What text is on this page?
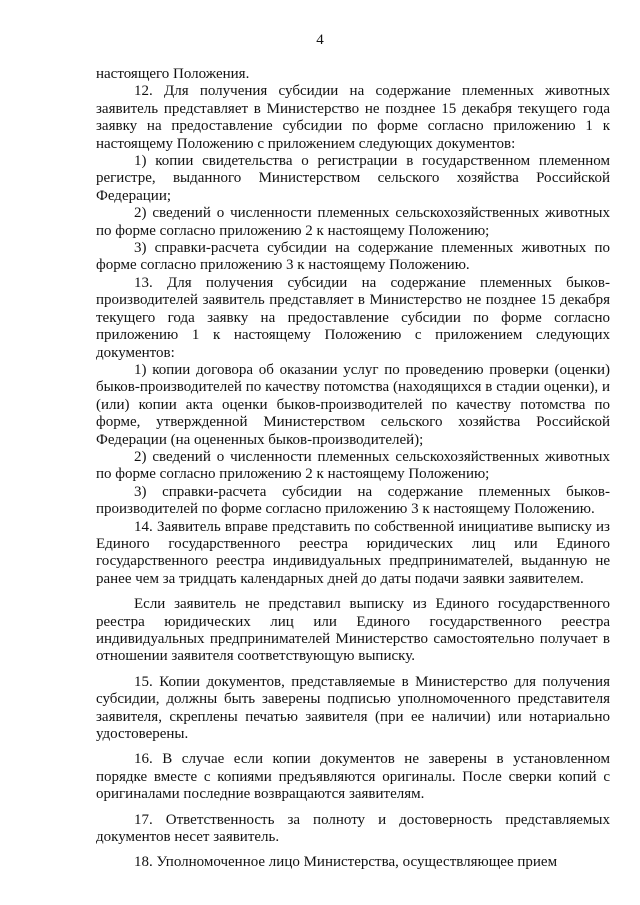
4

настоящего Положения.

12. Для получения субсидии на содержание племенных животных заявитель представляет в Министерство не позднее 15 декабря текущего года заявку на предоставление субсидии по форме согласно приложению 1 к настоящему Положению с приложением следующих документов:

1) копии свидетельства о регистрации в государственном племенном регистре, выданного Министерством сельского хозяйства Российской Федерации;

2) сведений о численности племенных сельскохозяйственных животных по форме согласно приложению 2 к настоящему Положению;

3) справки-расчета субсидии на содержание племенных животных по форме согласно приложению 3 к настоящему Положению.

13. Для получения субсидии на содержание племенных быков-производителей заявитель представляет в Министерство не позднее 15 декабря текущего года заявку на предоставление субсидии по форме согласно приложению 1 к настоящему Положению с приложением следующих документов:

1) копии договора об оказании услуг по проведению проверки (оценки) быков-производителей по качеству потомства (находящихся в стадии оценки), и (или) копии акта оценки быков-производителей по качеству потомства по форме, утвержденной Министерством сельского хозяйства Российской Федерации (на оцененных быков-производителей);

2) сведений о численности племенных сельскохозяйственных животных по форме согласно приложению 2 к настоящему Положению;

3) справки-расчета субсидии на содержание племенных быков-производителей по форме согласно приложению 3 к настоящему Положению.

14. Заявитель вправе представить по собственной инициативе выписку из Единого государственного реестра юридических лиц или Единого государственного реестра индивидуальных предпринимателей, выданную не ранее чем за тридцать календарных дней до даты подачи заявки заявителем.

Если заявитель не представил выписку из Единого государственного реестра юридических лиц или Единого государственного реестра индивидуальных предпринимателей Министерство самостоятельно получает в отношении заявителя соответствующую выписку.

15. Копии документов, представляемые в Министерство для получения субсидии, должны быть заверены подписью уполномоченного представителя заявителя, скреплены печатью заявителя (при ее наличии) или нотариально удостоверены.

16. В случае если копии документов не заверены в установленном порядке вместе с копиями предъявляются оригиналы. После сверки копий с оригиналами последние возвращаются заявителям.

17. Ответственность за полноту и достоверность представляемых документов несет заявитель.

18. Уполномоченное лицо Министерства, осуществляющее прием
